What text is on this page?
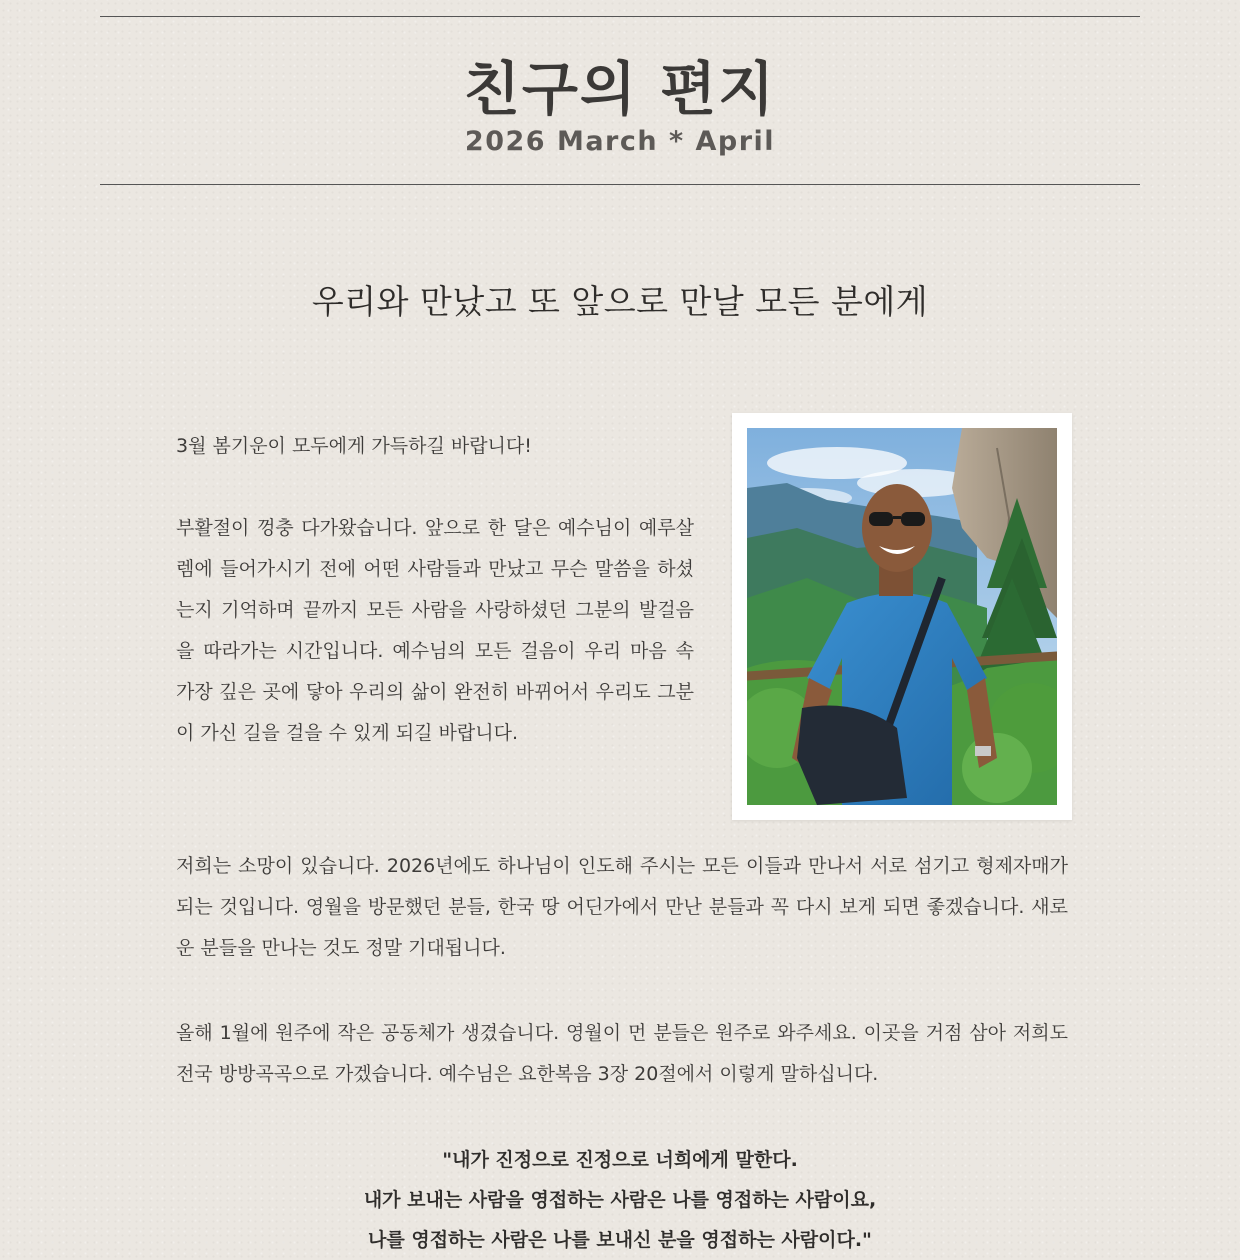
친구의 편지
2026 March * April
우리와 만났고 또 앞으로 만날 모든 분에게

3월 봄기운이 모두에게 가득하길 바랍니다!

부활절이 껑충 다가왔습니다. 앞으로 한 달은 예수님이 예루살렘에 들어가시기 전에 어떤 사람들과 만났고 무슨 말씀을 하셨는지 기억하며 끝까지 모든 사람을 사랑하셨던 그분의 발걸음을 따라가는 시간입니다. 예수님의 모든 걸음이 우리 마음 속 가장 깊은 곳에 닿아 우리의 삶이 완전히 바뀌어서 우리도 그분이 가신 길을 걸을 수 있게 되길 바랍니다.

저희는 소망이 있습니다. 2026년에도 하나님이 인도해 주시는 모든 이들과 만나서 서로 섬기고 형제자매가 되는 것입니다. 영월을 방문했던 분들, 한국 땅 어딘가에서 만난 분들과 꼭 다시 보게 되면 좋겠습니다. 새로운 분들을 만나는 것도 정말 기대됩니다.

올해 1월에 원주에 작은 공동체가 생겼습니다. 영월이 먼 분들은 원주로 와주세요. 이곳을 거점 삼아 저희도 전국 방방곡곡으로 가겠습니다. 예수님은 요한복음 3장 20절에서 이렇게 말하십니다.

"내가 진정으로 진정으로 너희에게 말한다.
내가 보내는 사람을 영접하는 사람은 나를 영접하는 사람이요,
나를 영접하는 사람은 나를 보내신 분을 영접하는 사람이다."
